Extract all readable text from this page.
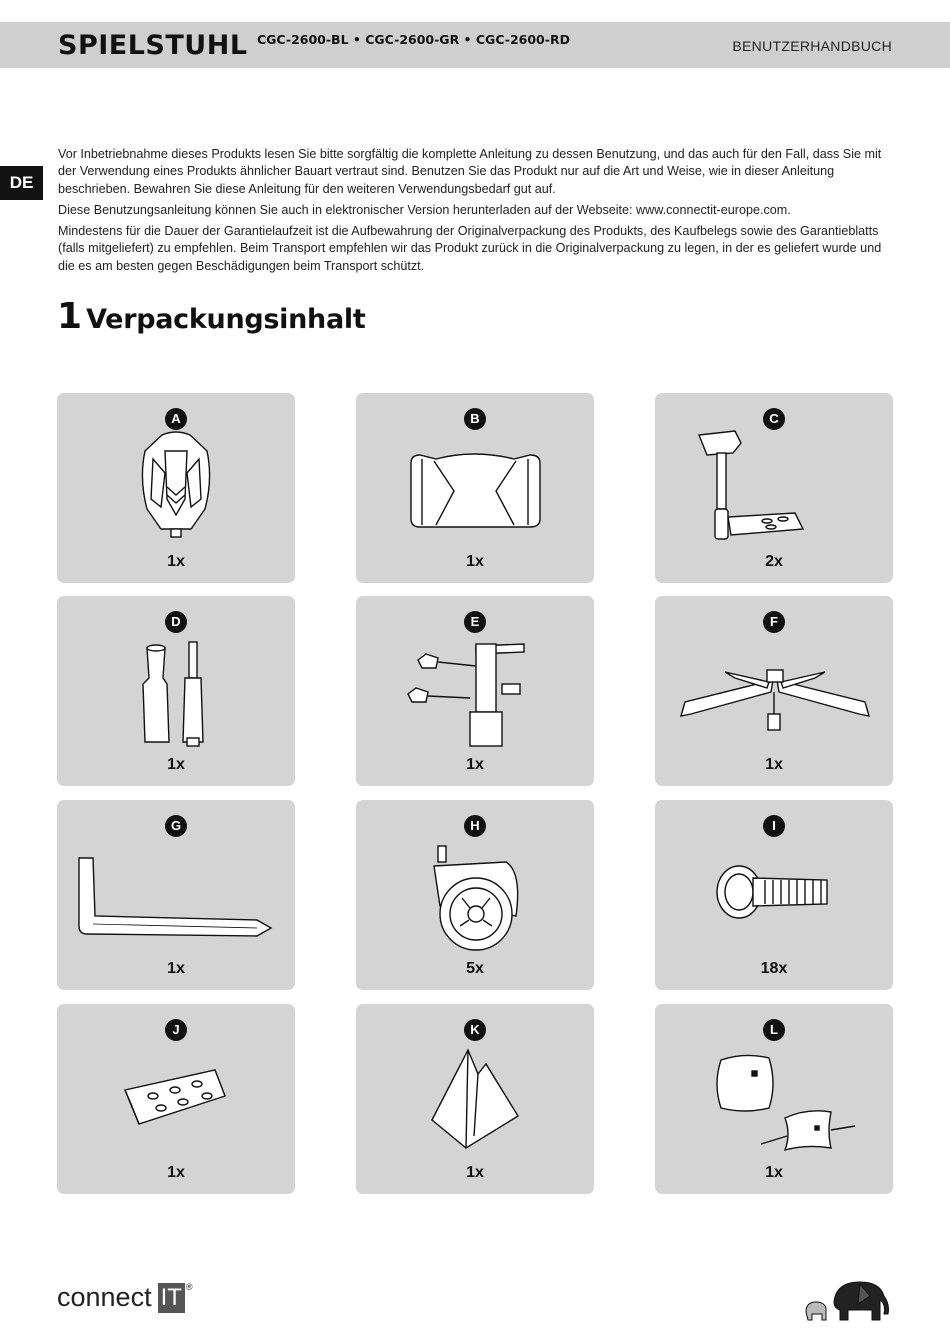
SPIELSTUHL CGC-2600-BL • CGC-2600-GR • CGC-2600-RD	BENUTZERHANDBUCH
DE

Vor Inbetriebnahme dieses Produkts lesen Sie bitte sorgfältig die komplette Anleitung zu dessen Benutzung, und das auch für den Fall, dass Sie mit der Verwendung eines Produkts ähnlicher Bauart vertraut sind. Benutzen Sie das Produkt nur auf die Art und Weise, wie in dieser Anleitung beschrieben. Bewahren Sie diese Anleitung für den weiteren Verwendungsbedarf gut auf.

Diese Benutzungsanleitung können Sie auch in elektronischer Version herunterladen auf der Webseite: www.connectit-europe.com.

Mindestens für die Dauer der Garantielaufzeit ist die Aufbewahrung der Originalverpackung des Produkts, des Kaufbelegs sowie des Garantieblatts (falls mitgeliefert) zu empfehlen. Beim Transport empfehlen wir das Produkt zurück in die Originalverpackung zu legen, in der es geliefert wurde und die es am besten gegen Beschädigungen beim Transport schützt.

1 Verpackungsinhalt
A
1x
B
1x
C
2x
D
1x
E
1x
F
1x
G
1x
H
5x
I
18x
J
1x
K
1x
L
1x
connect IT ®
